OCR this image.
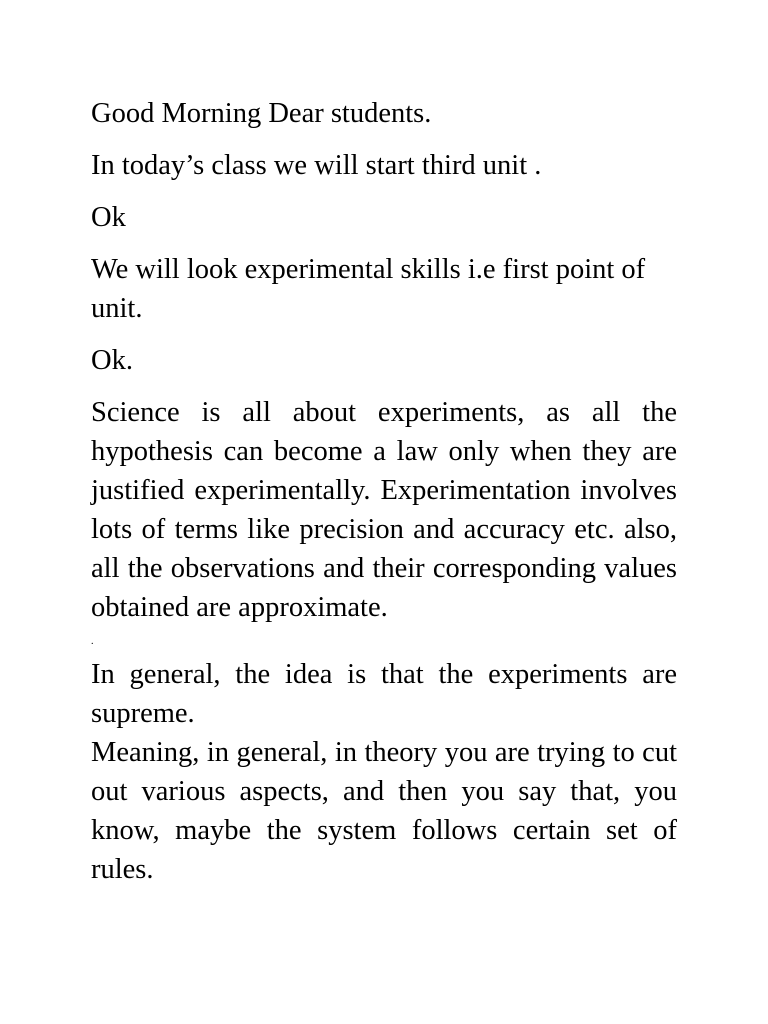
Good Morning Dear students.

In today’s class we will start third unit .

Ok

We will look experimental skills i.e first point of unit.

Ok.

Science is all about experiments, as all the hypothesis can become a law only when they are justified experimentally. Experimentation involves lots of terms like precision and accuracy etc. also, all the observations and their corresponding values obtained are approximate.

.

In general, the idea is that the experiments are supreme.

Meaning, in general, in theory you are trying to cut out various aspects, and then you say that, you know, maybe the system follows certain set of rules.
